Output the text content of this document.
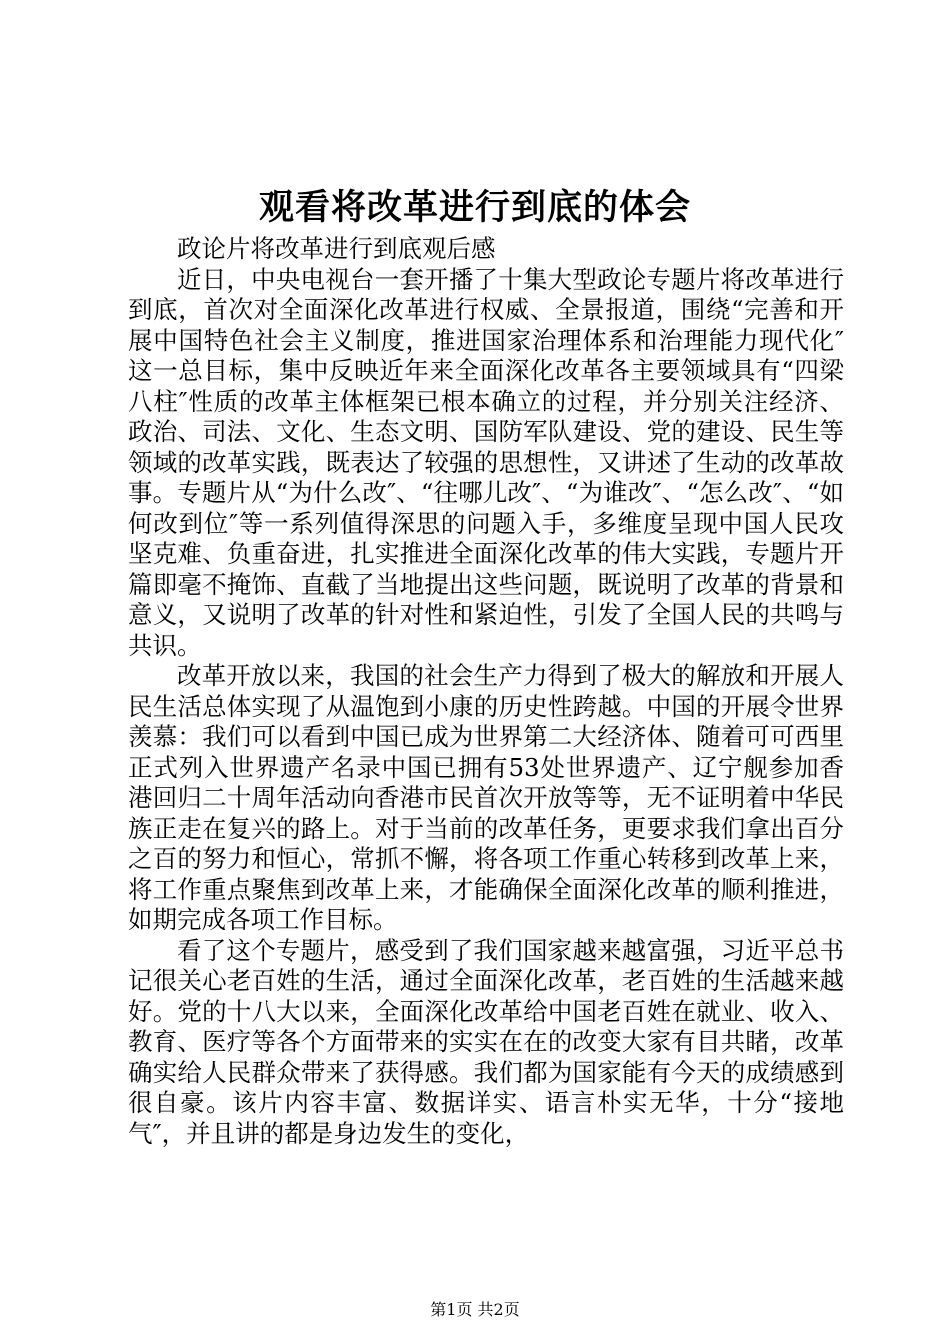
观看将改革进行到底的体会

政论片将改革进行到底观后感

近日，中央电视台一套开播了十集大型政论专题片将改革进行到底，首次对全面深化改革进行权威、全景报道，围绕“完善和开展中国特色社会主义制度，推进国家治理体系和治理能力现代化″这一总目标，集中反映近年来全面深化改革各主要领域具有“四梁八柱″性质的改革主体框架已根本确立的过程，并分别关注经济、政治、司法、文化、生态文明、国防军队建设、党的建设、民生等领域的改革实践，既表达了较强的思想性，又讲述了生动的改革故事。专题片从“为什么改″、“往哪儿改″、“为谁改″、“怎么改″、“如何改到位″等一系列值得深思的问题入手，多维度呈现中国人民攻坚克难、负重奋进，扎实推进全面深化改革的伟大实践，专题片开篇即毫不掩饰、直截了当地提出这些问题，既说明了改革的背景和意义，又说明了改革的针对性和紧迫性，引发了全国人民的共鸣与共识。

改革开放以来，我国的社会生产力得到了极大的解放和开展人民生活总体实现了从温饱到小康的历史性跨越。中国的开展令世界羡慕：我们可以看到中国已成为世界第二大经济体、随着可可西里正式列入世界遗产名录中国已拥有53处世界遗产、辽宁舰参加香港回归二十周年活动向香港市民首次开放等等，无不证明着中华民族正走在复兴的路上。对于当前的改革任务，更要求我们拿出百分之百的努力和恒心，常抓不懈，将各项工作重心转移到改革上来，将工作重点聚焦到改革上来，才能确保全面深化改革的顺利推进，如期完成各项工作目标。

看了这个专题片，感受到了我们国家越来越富强，习近平总书记很关心老百姓的生活，通过全面深化改革，老百姓的生活越来越好。党的十八大以来，全面深化改革给中国老百姓在就业、收入、教育、医疗等各个方面带来的实实在在的改变大家有目共睹，改革确实给人民群众带来了获得感。我们都为国家能有今天的成绩感到很自豪。该片内容丰富、数据详实、语言朴实无华，十分“接地气″，并且讲的都是身边发生的变化，

第1页 共2页
